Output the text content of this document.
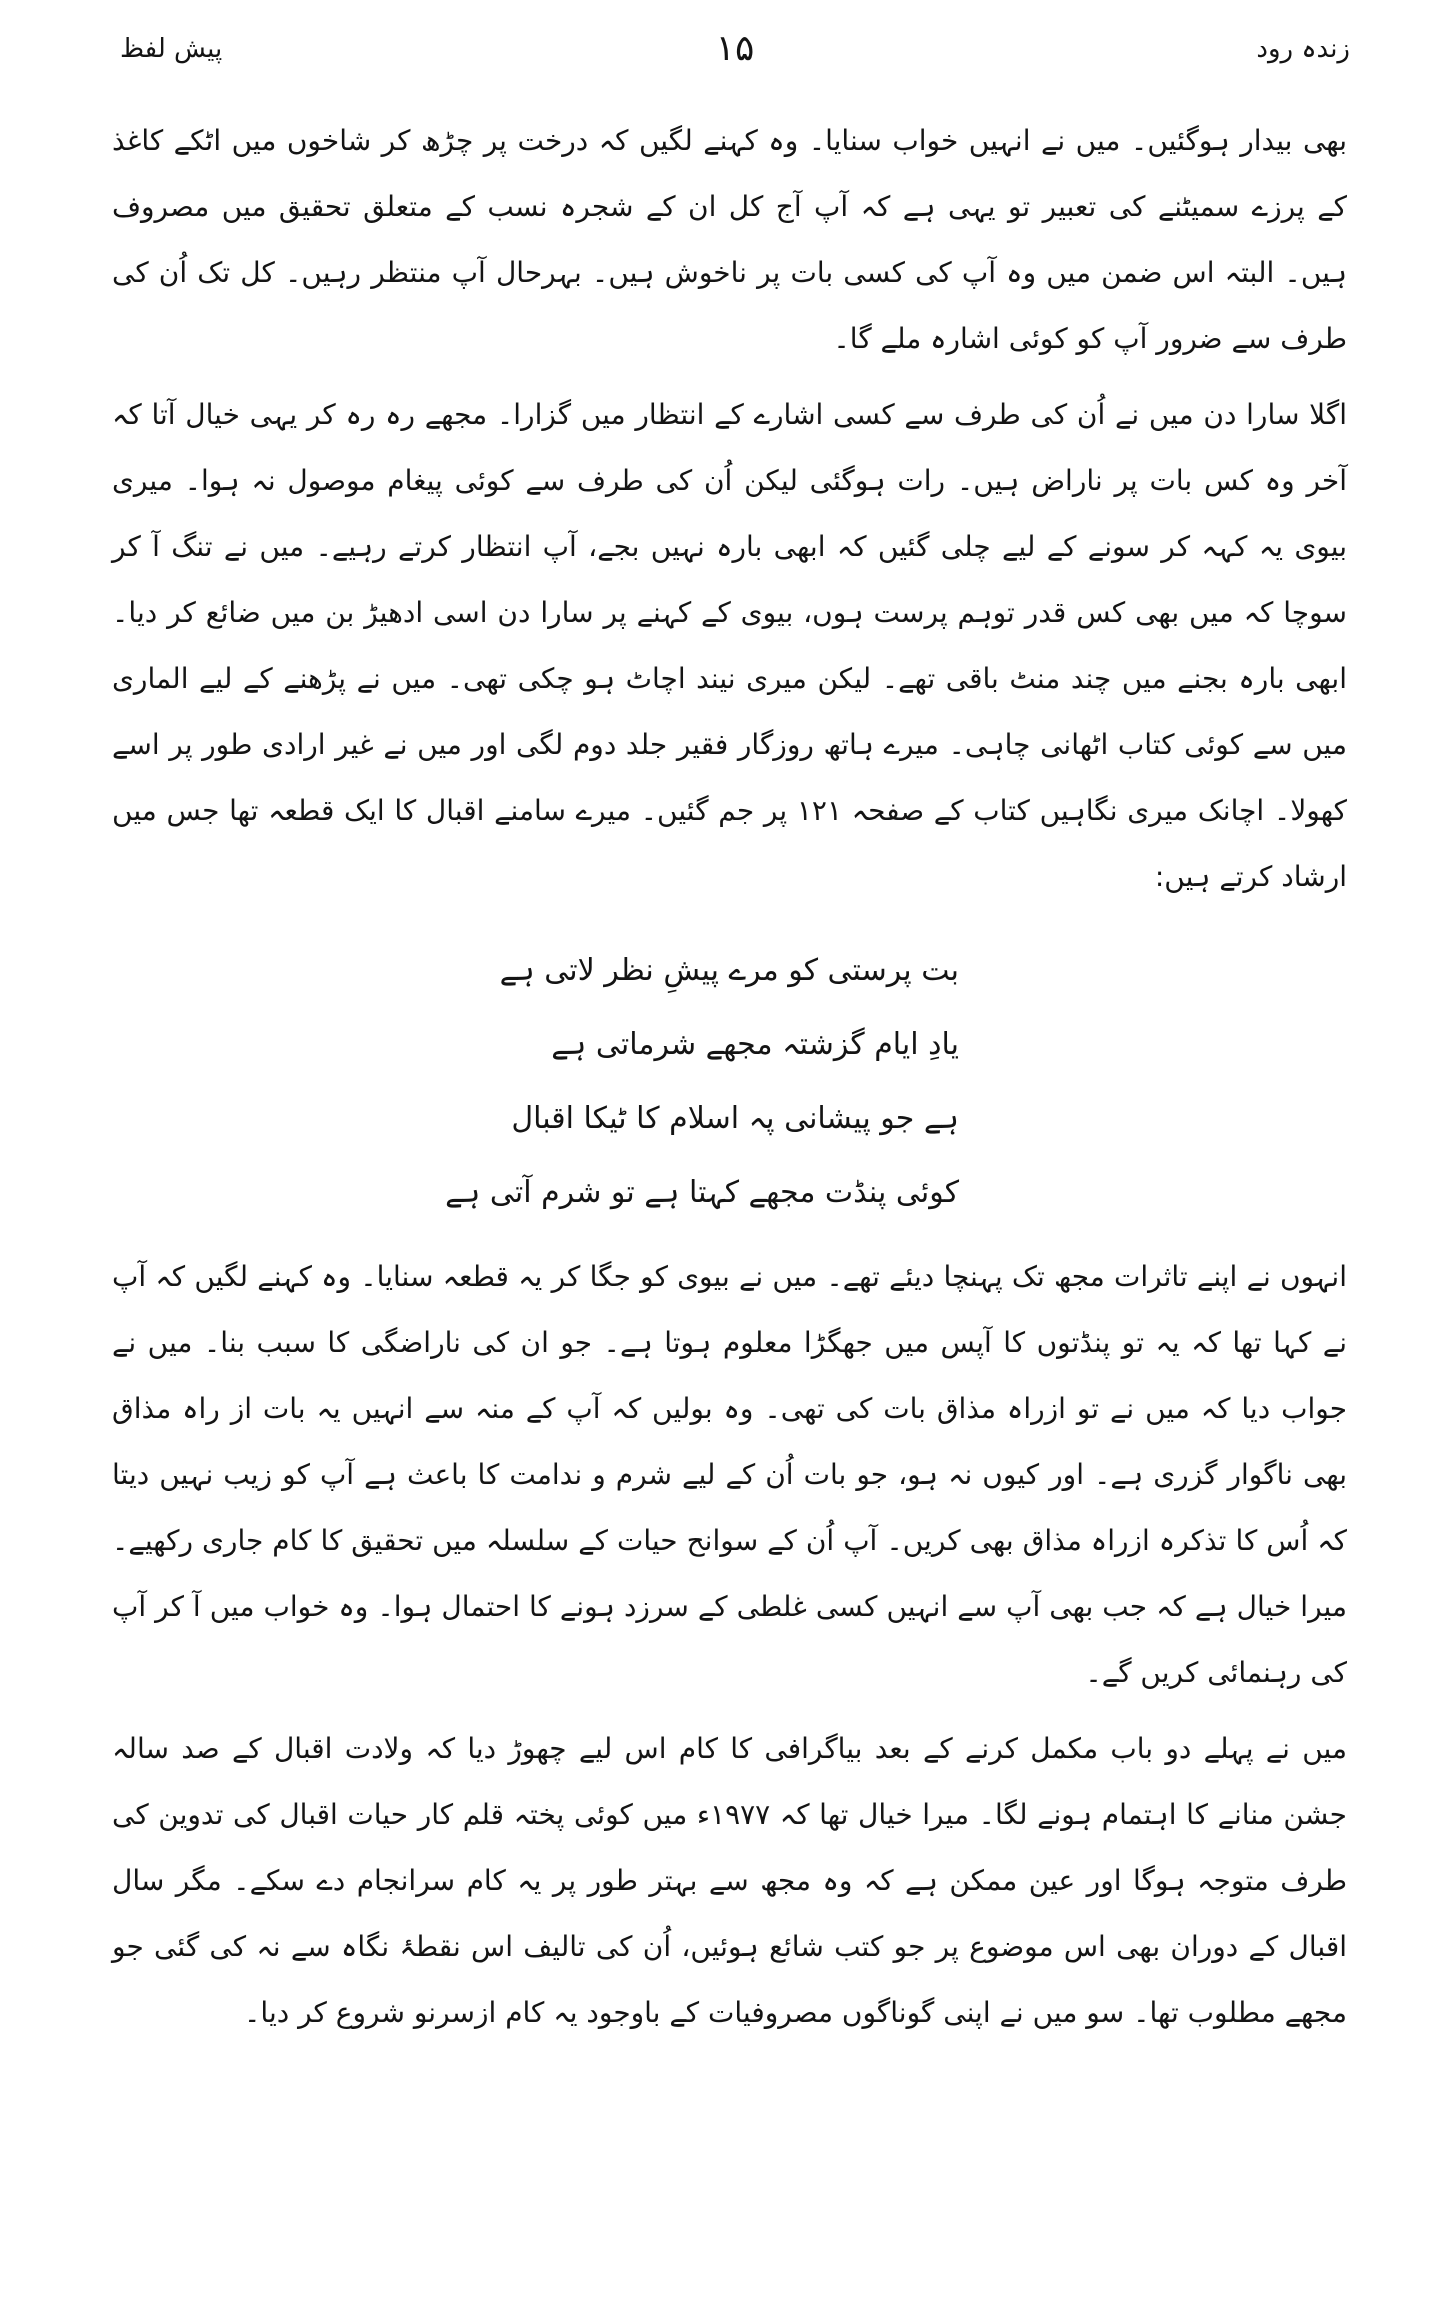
پیش لفظ	۱۵	زندہ رود

بھی بیدار ہوگئیں۔ میں نے انہیں خواب سنایا۔ وہ کہنے لگیں کہ درخت پر چڑھ کر شاخوں میں اٹکے کاغذ کے پرزے سمیٹنے کی تعبیر تو یہی ہے کہ آپ آج کل ان کے شجرہ نسب کے متعلق تحقیق میں مصروف ہیں۔ البتہ اس ضمن میں وہ آپ کی کسی بات پر ناخوش ہیں۔ بہرحال آپ منتظر رہیں۔ کل تک اُن کی طرف سے ضرور آپ کو کوئی اشارہ ملے گا۔

اگلا سارا دن میں نے اُن کی طرف سے کسی اشارے کے انتظار میں گزارا۔ مجھے رہ رہ کر یہی خیال آتا کہ آخر وہ کس بات پر ناراض ہیں۔ رات ہوگئی لیکن اُن کی طرف سے کوئی پیغام موصول نہ ہوا۔ میری بیوی یہ کہہ کر سونے کے لیے چلی گئیں کہ ابھی بارہ نہیں بجے، آپ انتظار کرتے رہیے۔ میں نے تنگ آ کر سوچا کہ میں بھی کس قدر توہم پرست ہوں، بیوی کے کہنے پر سارا دن اسی ادھیڑ بن میں ضائع کر دیا۔ ابھی بارہ بجنے میں چند منٹ باقی تھے۔ لیکن میری نیند اچاٹ ہو چکی تھی۔ میں نے پڑھنے کے لیے الماری میں سے کوئی کتاب اٹھانی چاہی۔ میرے ہاتھ روزگار فقیر جلد دوم لگی اور میں نے غیر ارادی طور پر اسے کھولا۔ اچانک میری نگاہیں کتاب کے صفحہ ۱۲۱ پر جم گئیں۔ میرے سامنے اقبال کا ایک قطعہ تھا جس میں ارشاد کرتے ہیں:

بت پرستی کو مرے پیشِ نظر لاتی ہے
یادِ ایام گزشتہ مجھے شرماتی ہے
ہے جو پیشانی پہ اسلام کا ٹیکا اقبال
کوئی پنڈت مجھے کہتا ہے تو شرم آتی ہے

انہوں نے اپنے تاثرات مجھ تک پہنچا دیئے تھے۔ میں نے بیوی کو جگا کر یہ قطعہ سنایا۔ وہ کہنے لگیں کہ آپ نے کہا تھا کہ یہ تو پنڈتوں کا آپس میں جھگڑا معلوم ہوتا ہے۔ جو ان کی ناراضگی کا سبب بنا۔ میں نے جواب دیا کہ میں نے تو ازراہ مذاق بات کی تھی۔ وہ بولیں کہ آپ کے منہ سے انہیں یہ بات از راہ مذاق بھی ناگوار گزری ہے۔ اور کیوں نہ ہو، جو بات اُن کے لیے شرم و ندامت کا باعث ہے آپ کو زیب نہیں دیتا کہ اُس کا تذکرہ ازراہ مذاق بھی کریں۔ آپ اُن کے سوانح حیات کے سلسلہ میں تحقیق کا کام جاری رکھیے۔ میرا خیال ہے کہ جب بھی آپ سے انہیں کسی غلطی کے سرزد ہونے کا احتمال ہوا۔ وہ خواب میں آ کر آپ کی رہنمائی کریں گے۔

میں نے پہلے دو باب مکمل کرنے کے بعد بیاگرافی کا کام اس لیے چھوڑ دیا کہ ولادت اقبال کے صد سالہ جشن منانے کا اہتمام ہونے لگا۔ میرا خیال تھا کہ ۱۹۷۷ء میں کوئی پختہ قلم کار حیات اقبال کی تدوین کی طرف متوجہ ہوگا اور عین ممکن ہے کہ وہ مجھ سے بہتر طور پر یہ کام سرانجام دے سکے۔ مگر سال اقبال کے دوران بھی اس موضوع پر جو کتب شائع ہوئیں، اُن کی تالیف اس نقطۂ نگاہ سے نہ کی گئی جو مجھے مطلوب تھا۔ سو میں نے اپنی گوناگوں مصروفیات کے باوجود یہ کام ازسرنو شروع کر دیا۔
